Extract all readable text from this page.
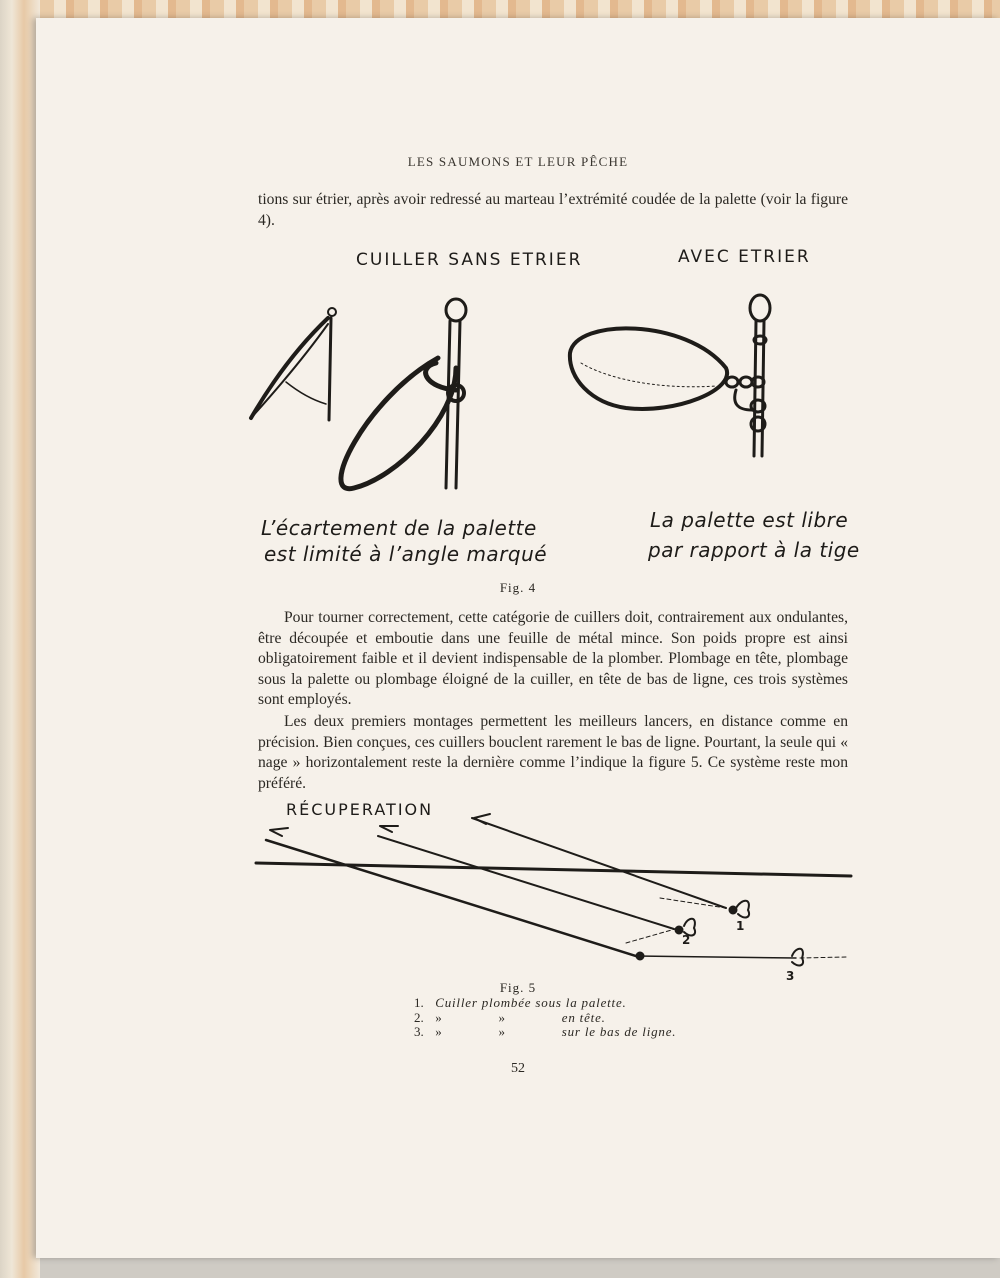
LES SAUMONS ET LEUR PÊCHE
tions sur étrier, après avoir redressé au marteau l’extrémité coudée de la palette (voir la figure 4).
CUILLER SANS ETRIER	AVEC ETRIER
1
2
3
L’écartement de la palette
est limité à l’angle marqué
La palette est libre
par rapport à la tige
Fig. 4
Pour tourner correctement, cette catégorie de cuillers doit, contrairement aux ondulantes, être découpée et emboutie dans une feuille de métal mince. Son poids propre est ainsi obligatoirement faible et il devient indispensable de la plomber. Plombage en tête, plombage sous la palette ou plombage éloigné de la cuiller, en tête de bas de ligne, ces trois systèmes sont employés.
Les deux premiers montages permettent les meilleurs lancers, en distance comme en précision. Bien conçues, ces cuillers bouclent rarement le bas de ligne. Pourtant, la seule qui « nage » horizontalement reste la dernière comme l’indique la figure 5. Ce système reste mon préféré.
RÉCUPERATION
Fig. 5
1. Cuiller plombée sous la palette.
2. »	»	en tête.
3. »	»	sur le bas de ligne.
52
